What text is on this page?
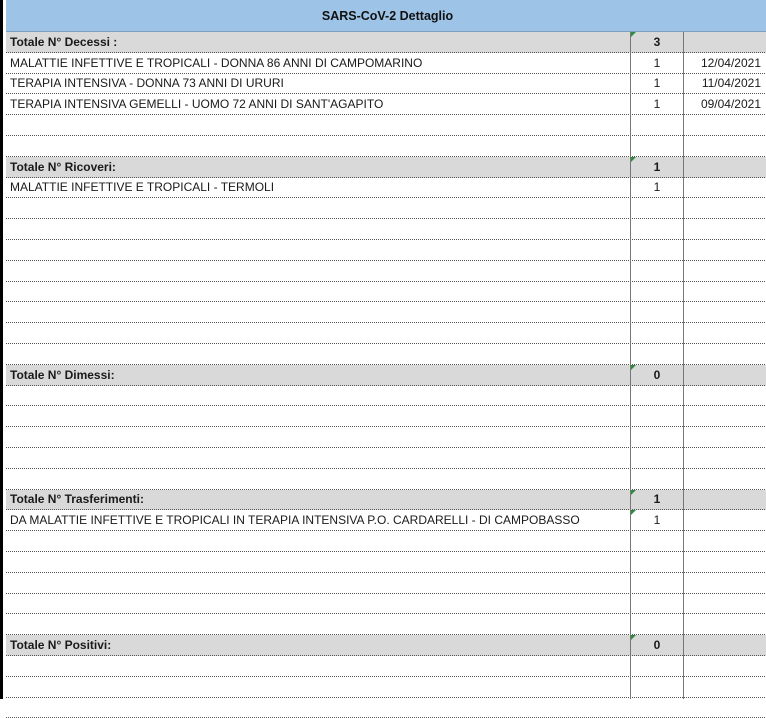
SARS-CoV-2 Dettaglio
Totale N° Decessi :	3
MALATTIE INFETTIVE E TROPICALI - DONNA 86 ANNI DI CAMPOMARINO	1	12/04/2021
TERAPIA INTENSIVA - DONNA 73 ANNI DI URURI	1	11/04/2021
TERAPIA INTENSIVA GEMELLI - UOMO 72 ANNI DI SANT'AGAPITO	1	09/04/2021
Totale N° Ricoveri:	1
MALATTIE INFETTIVE E TROPICALI - TERMOLI	1
Totale N° Dimessi:	0
Totale N° Trasferimenti:	1
DA MALATTIE INFETTIVE E TROPICALI IN TERAPIA INTENSIVA P.O. CARDARELLI - DI CAMPOBASSO	1
Totale N° Positivi:	0
